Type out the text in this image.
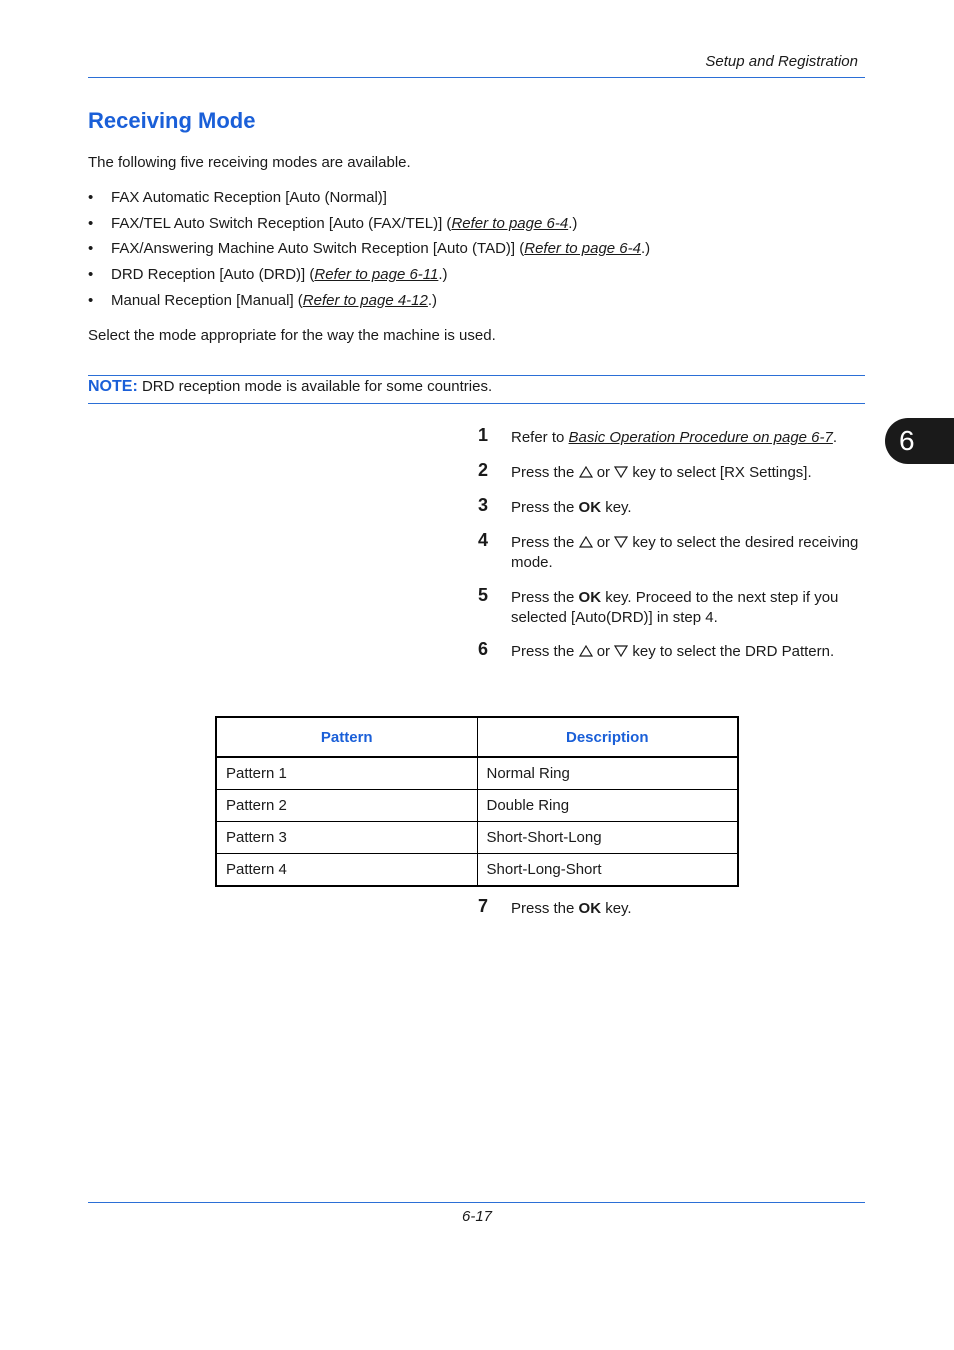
Setup and Registration
6
Receiving Mode
The following five receiving modes are available.
• FAX Automatic Reception [Auto (Normal)]
• FAX/TEL Auto Switch Reception [Auto (FAX/TEL)] (Refer to page 6-4.)
• FAX/Answering Machine Auto Switch Reception [Auto (TAD)] (Refer to page 6-4.)
• DRD Reception [Auto (DRD)] (Refer to page 6-11.)
• Manual Reception [Manual] (Refer to page 4-12.)
Select the mode appropriate for the way the machine is used.
NOTE: DRD reception mode is available for some countries.
1 Refer to Basic Operation Procedure on page 6-7.
2 Press the  or  key to select [RX Settings].
3 Press the OK key.
4 Press the  or  key to select the desired receiving mode.
5 Press the OK key. Proceed to the next step if you selected [Auto(DRD)] in step 4.
6 Press the  or  key to select the DRD Pattern.
Pattern	Description
Pattern 1	Normal Ring
Pattern 2	Double Ring
Pattern 3	Short-Short-Long
Pattern 4	Short-Long-Short
7 Press the OK key.
6-17
